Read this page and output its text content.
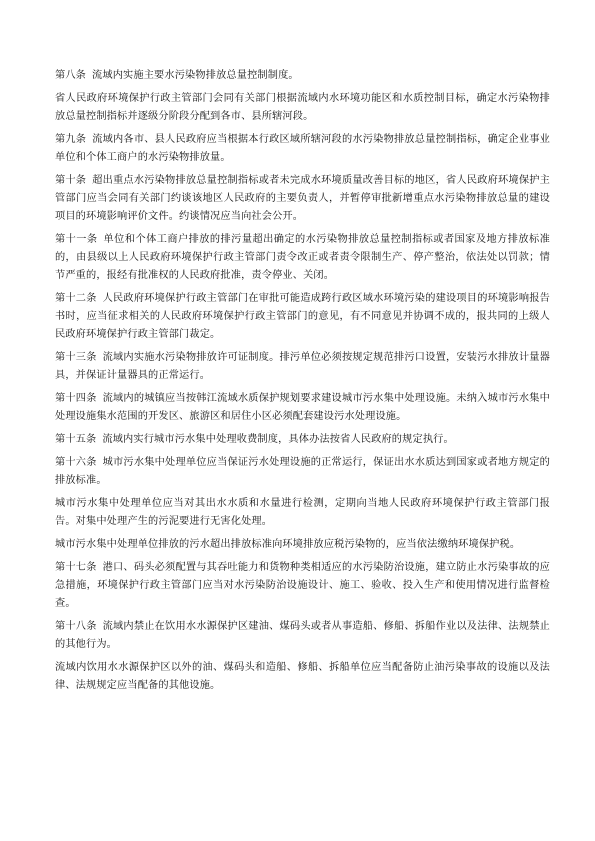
第八条 流域内实施主要水污染物排放总量控制制度。

省人民政府环境保护行政主管部门会同有关部门根据流域内水环境功能区和水质控制目标，确定水污染物排放总量控制指标并逐级分阶段分配到各市、县所辖河段。

第九条 流域内各市、县人民政府应当根据本行政区域所辖河段的水污染物排放总量控制指标，确定企业事业单位和个体工商户的水污染物排放量。

第十条 超出重点水污染物排放总量控制指标或者未完成水环境质量改善目标的地区，省人民政府环境保护主管部门应当会同有关部门约谈该地区人民政府的主要负责人，并暂停审批新增重点水污染物排放总量的建设项目的环境影响评价文件。约谈情况应当向社会公开。

第十一条 单位和个体工商户排放的排污量超出确定的水污染物排放总量控制指标或者国家及地方排放标准的，由县级以上人民政府环境保护行政主管部门责令改正或者责令限制生产、停产整治，依法处以罚款；情节严重的，报经有批准权的人民政府批准，责令停业、关闭。

第十二条 人民政府环境保护行政主管部门在审批可能造成跨行政区域水环境污染的建设项目的环境影响报告书时，应当征求相关的人民政府环境保护行政主管部门的意见，有不同意见并协调不成的，报共同的上级人民政府环境保护行政主管部门裁定。

第十三条 流域内实施水污染物排放许可证制度。排污单位必须按规定规范排污口设置，安装污水排放计量器具，并保证计量器具的正常运行。

第十四条 流域内的城镇应当按韩江流域水质保护规划要求建设城市污水集中处理设施。未纳入城市污水集中处理设施集水范围的开发区、旅游区和居住小区必须配套建设污水处理设施。

第十五条 流域内实行城市污水集中处理收费制度，具体办法按省人民政府的规定执行。

第十六条 城市污水集中处理单位应当保证污水处理设施的正常运行，保证出水水质达到国家或者地方规定的排放标准。

城市污水集中处理单位应当对其出水水质和水量进行检测，定期向当地人民政府环境保护行政主管部门报告。对集中处理产生的污泥要进行无害化处理。

城市污水集中处理单位排放的污水超出排放标准向环境排放应税污染物的，应当依法缴纳环境保护税。

第十七条 港口、码头必须配置与其吞吐能力和货物种类相适应的水污染防治设施，建立防止水污染事故的应急措施，环境保护行政主管部门应当对水污染防治设施设计、施工、验收、投入生产和使用情况进行监督检查。

第十八条 流域内禁止在饮用水水源保护区建油、煤码头或者从事造船、修船、拆船作业以及法律、法规禁止的其他行为。

流域内饮用水水源保护区以外的油、煤码头和造船、修船、拆船单位应当配备防止油污染事故的设施以及法律、法规规定应当配备的其他设施。
